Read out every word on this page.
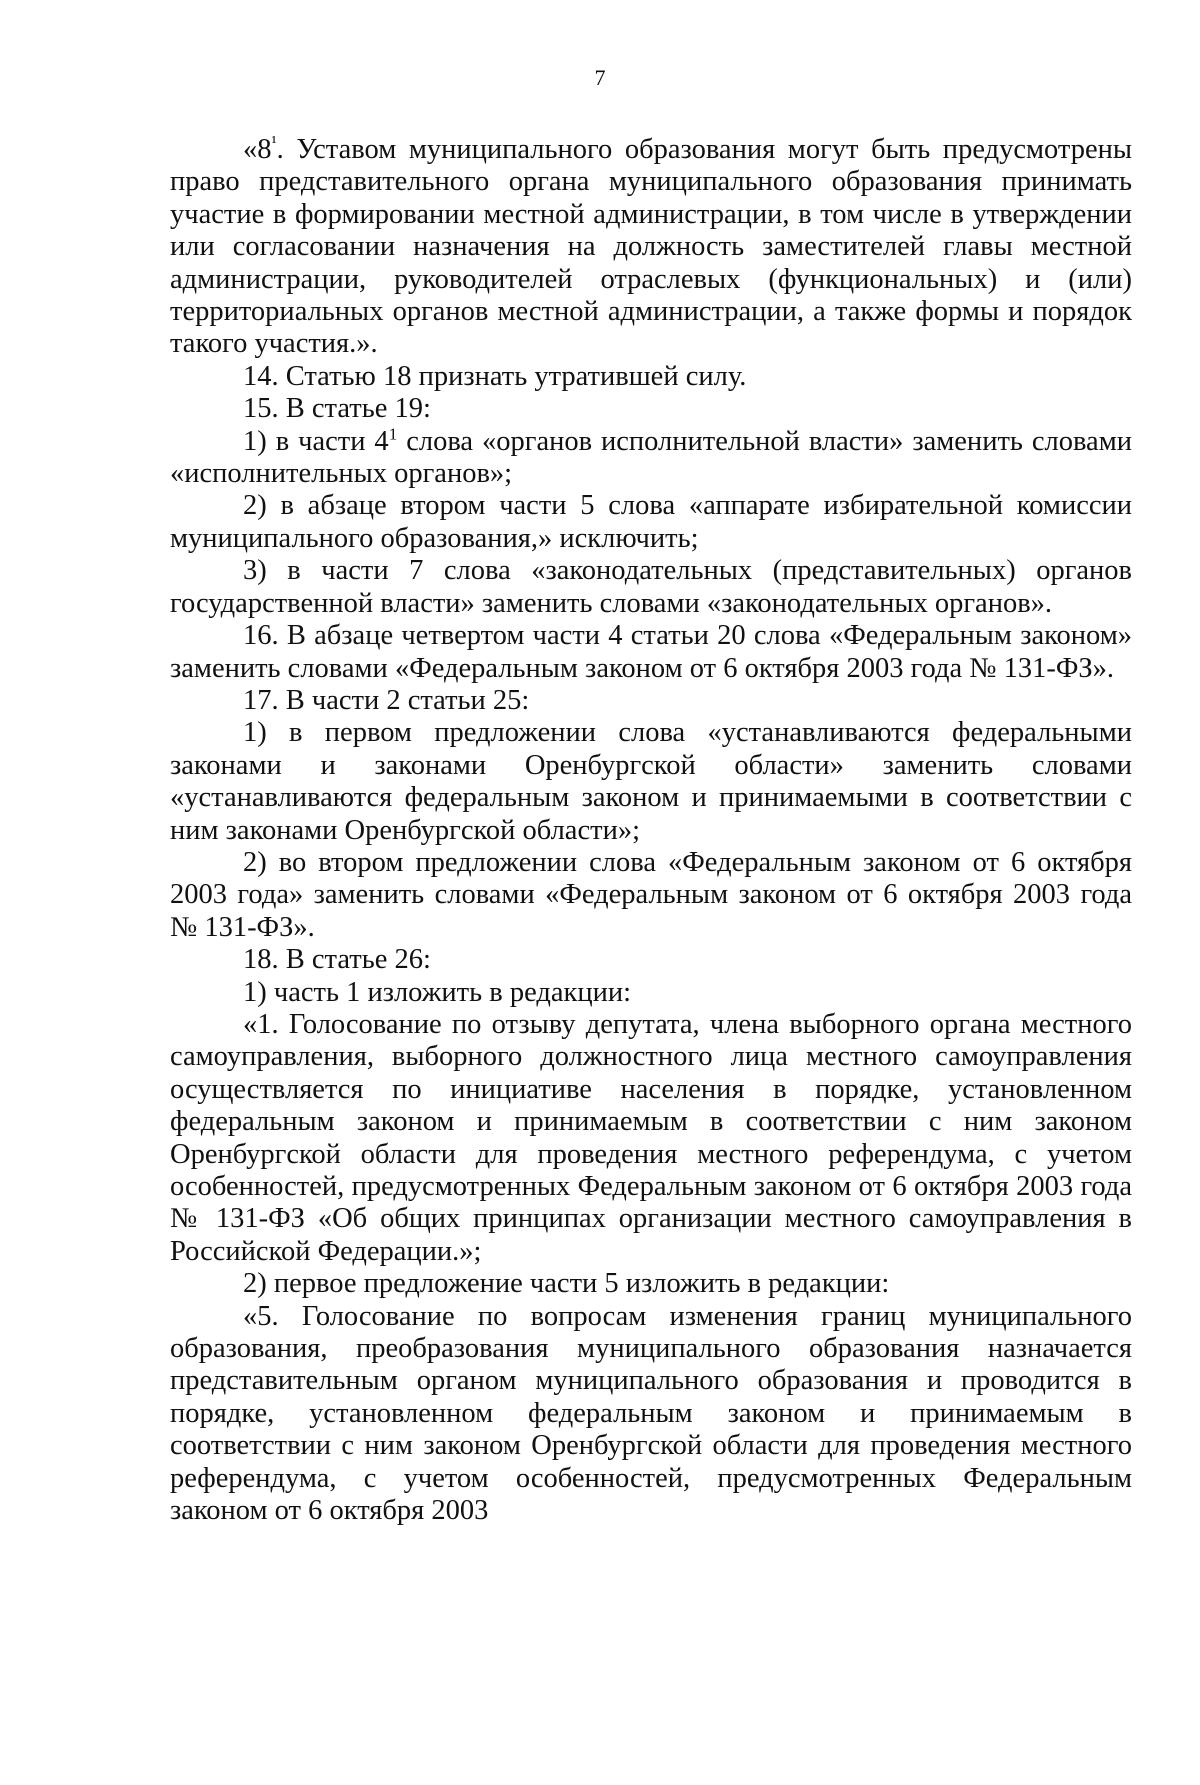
7

«$8^{^1}$. Уставом муниципального образования могут быть предусмотрены право представительного органа муниципального образования принимать участие в формировании местной администрации, в том числе в утверждении или согласовании назначения на должность заместителей главы местной администрации, руководителей отраслевых (функциональных) и (или) территориальных органов местной администрации, а также формы и порядок такого участия.».

14. Статью 18 признать утратившей силу.

15. В статье 19:

1) в части $4^1$ слова «органов исполнительной власти» заменить словами «исполнительных органов»;

2) в абзаце втором части 5 слова «аппарате избирательной комиссии муниципального образования,» исключить;

3) в части 7 слова «законодательных (представительных) органов государственной власти» заменить словами «законодательных органов».

16. В абзаце четвертом части 4 статьи 20 слова «Федеральным законом» заменить словами «Федеральным законом от 6 октября 2003 года № 131-ФЗ».

17. В части 2 статьи 25:

1) в первом предложении слова «устанавливаются федеральными законами и законами Оренбургской области» заменить словами «устанавливаются федеральным законом и принимаемыми в соответствии с ним законами Оренбургской области»;

2) во втором предложении слова «Федеральным законом от 6 октября 2003 года» заменить словами «Федеральным законом от 6 октября 2003 года № 131-ФЗ».

18. В статье 26:

1) часть 1 изложить в редакции:

«1. Голосование по отзыву депутата, члена выборного органа местного самоуправления, выборного должностного лица местного самоуправления осуществляется по инициативе населения в порядке, установленном федеральным законом и принимаемым в соответствии с ним законом Оренбургской области для проведения местного референдума, с учетом особенностей, предусмотренных Федеральным законом от 6 октября 2003 года № 131-ФЗ «Об общих принципах организации местного самоуправления в Российской Федерации.»;

2) первое предложение части 5 изложить в редакции:

«5. Голосование по вопросам изменения границ муниципального образования, преобразования муниципального образования назначается представительным органом муниципального образования и проводится в порядке, установленном федеральным законом и принимаемым в соответствии с ним законом Оренбургской области для проведения местного референдума, с учетом особенностей, предусмотренных Федеральным законом от 6 октября 2003
